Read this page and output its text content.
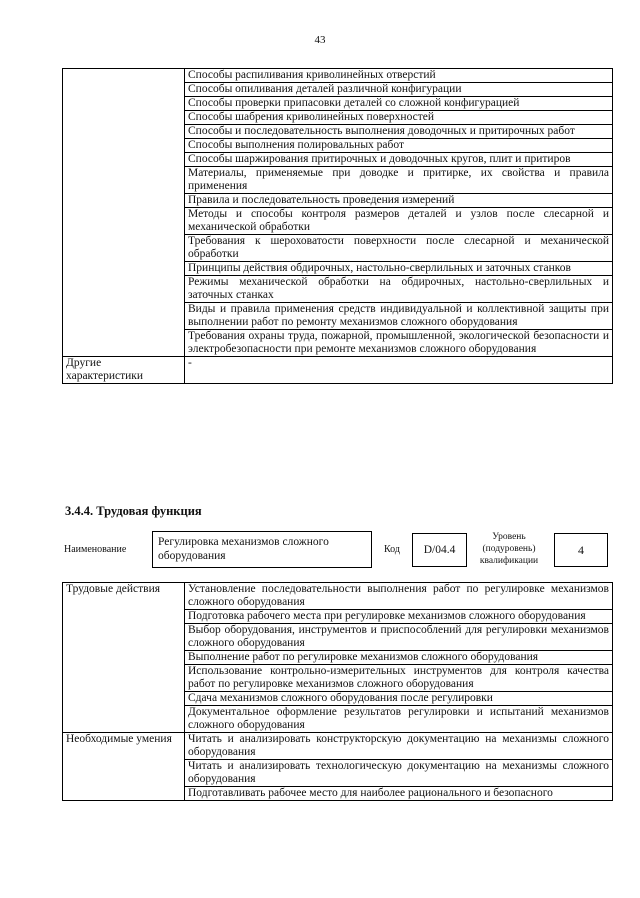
43
	Способы распиливания криволинейных отверстий
	Способы опиливания деталей различной конфигурации
	Способы проверки припасовки деталей со сложной конфигурацией
	Способы шабрения криволинейных поверхностей
	Способы и последовательность выполнения доводочных и притирочных работ
	Способы выполнения полировальных работ
	Способы шаржирования притирочных и доводочных кругов, плит и притиров
	Материалы, применяемые при доводке и притирке, их свойства и правила применения
	Правила и последовательность проведения измерений
	Методы и способы контроля размеров деталей и узлов после слесарной и механической обработки
	Требования к шероховатости поверхности после слесарной и механической обработки
	Принципы действия обдирочных, настольно-сверлильных и заточных станков
	Режимы механической обработки на обдирочных, настольно-сверлильных и заточных станках
	Виды и правила применения средств индивидуальной и коллективной защиты при выполнении работ по ремонту механизмов сложного оборудования
	Требования охраны труда, пожарной, промышленной, экологической безопасности и электробезопасности при ремонте механизмов сложного оборудования
Другие характеристики	-
3.4.4. Трудовая функция
Наименование
Регулировка механизмов сложного оборудования
Код	D/04.4
Уровень (подуровень) квалификации
4
Трудовые действия	Установление последовательности выполнения работ по регулировке механизмов сложного оборудования
	Подготовка рабочего места при регулировке механизмов сложного оборудования
	Выбор оборудования, инструментов и приспособлений для регулировки механизмов сложного оборудования
	Выполнение работ по регулировке механизмов сложного оборудования
	Использование контрольно-измерительных инструментов для контроля качества работ по регулировке механизмов сложного оборудования
	Сдача механизмов сложного оборудования после регулировки
	Документальное оформление результатов регулировки и испытаний механизмов сложного оборудования
Необходимые умения	Читать и анализировать конструкторскую документацию на механизмы сложного оборудования
	Читать и анализировать технологическую документацию на механизмы сложного оборудования
	Подготавливать рабочее место для наиболее рационального и безопасного
